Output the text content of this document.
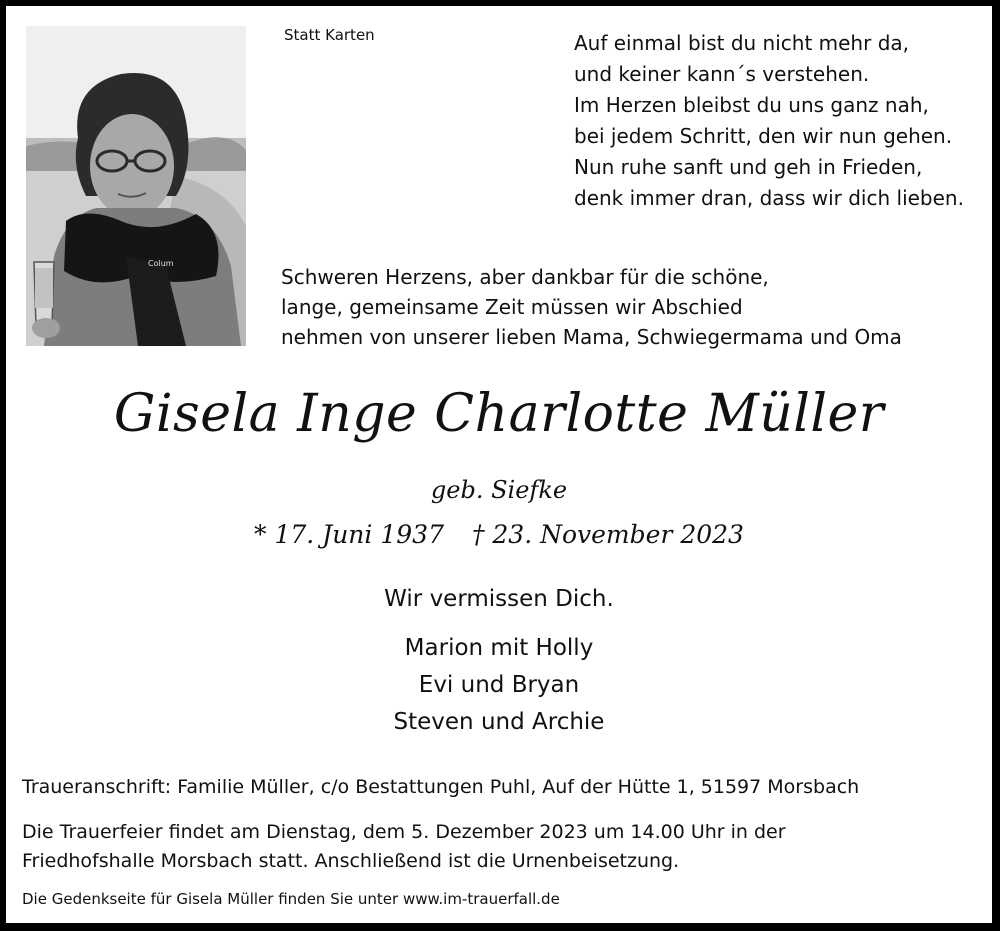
Colum

Statt Karten	Auf einmal bist du nicht mehr da,
und keiner kann´s verstehen.
Im Herzen bleibst du uns ganz nah,
bei jedem Schritt, den wir nun gehen.
Nun ruhe sanft und geh in Frieden,
denk immer dran, dass wir dich lieben.
Schweren Herzens, aber dankbar für die schöne,
lange, gemeinsame Zeit müssen wir Abschied
nehmen von unserer lieben Mama, Schwiegermama und Oma

Gisela Inge Charlotte Müller

geb. Siefke

* 17. Juni 1937 † 23. November 2023

Wir vermissen Dich.

Marion mit Holly
Evi und Bryan
Steven und Archie

Traueranschrift: Familie Müller, c/o Bestattungen Puhl, Auf der Hütte 1, 51597 Morsbach

Die Trauerfeier findet am Dienstag, dem 5. Dezember 2023 um 14.00 Uhr in der
Friedhofshalle Morsbach statt. Anschließend ist die Urnenbeisetzung.

Die Gedenkseite für Gisela Müller finden Sie unter www.im-trauerfall.de
